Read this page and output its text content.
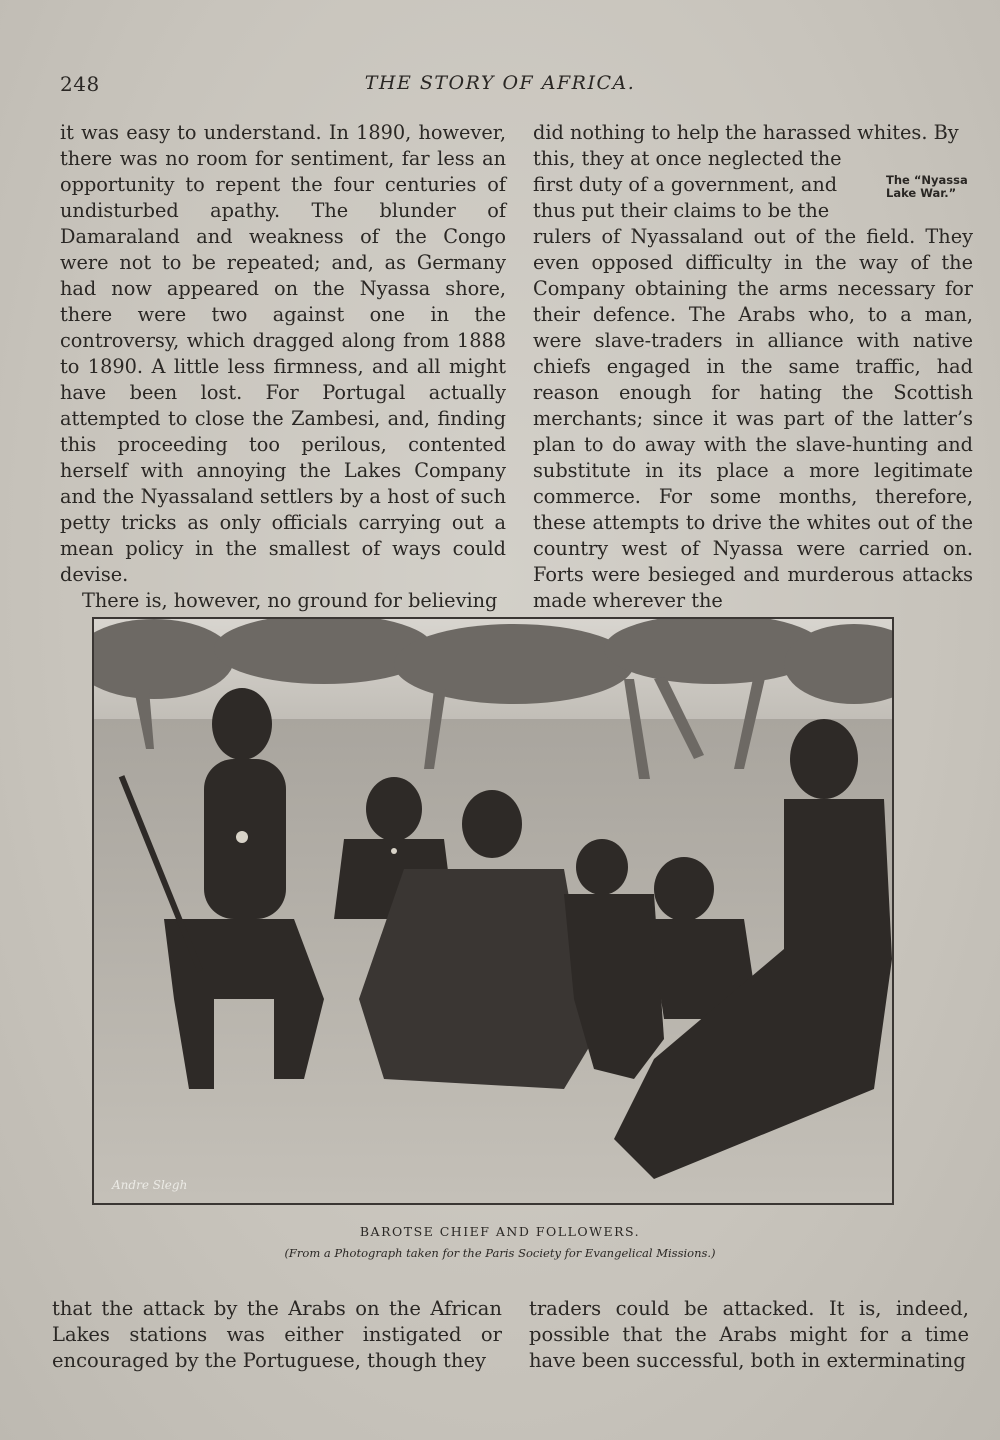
248	THE STORY OF AFRICA.

it was easy to understand. In 1890, however, there was no room for sentiment, far less an opportunity to repent the four centuries of undisturbed apathy. The blunder of Damaraland and weakness of the Congo were not to be repeated; and, as Germany had now appeared on the Nyassa shore, there were two against one in the controversy, which dragged along from 1888 to 1890. A little less firmness, and all might have been lost. For Portugal actually attempted to close the Zambesi, and, finding this proceeding too perilous, contented herself with annoying the Lakes Company and the Nyassaland settlers by a host of such petty tricks as only officials carrying out a mean policy in the smallest of ways could devise.

There is, however, no ground for believing

did nothing to help the harassed whites. By

this, they at once neglected the

first duty of a government, and

thus put their claims to be the

rulers of Nyassaland out of the field. They even opposed difficulty in the way of the Company obtaining the arms necessary for their defence. The Arabs who, to a man, were slave-traders in alliance with native chiefs engaged in the same traffic, had reason enough for hating the Scottish merchants; since it was part of the latter’s plan to do away with the slave-hunting and substitute in its place a more legitimate commerce. For some months, therefore, these attempts to drive the whites out of the country west of Nyassa were carried on. Forts were besieged and murderous attacks made wherever the

The “Nyassa
Lake War.”
Andre Slegh
BAROTSE CHIEF AND FOLLOWERS.
(From a Photograph taken for the Paris Society for Evangelical Missions.)

that the attack by the Arabs on the African Lakes stations was either instigated or encouraged by the Portuguese, though they

traders could be attacked. It is, indeed, possible that the Arabs might for a time have been successful, both in exterminating
